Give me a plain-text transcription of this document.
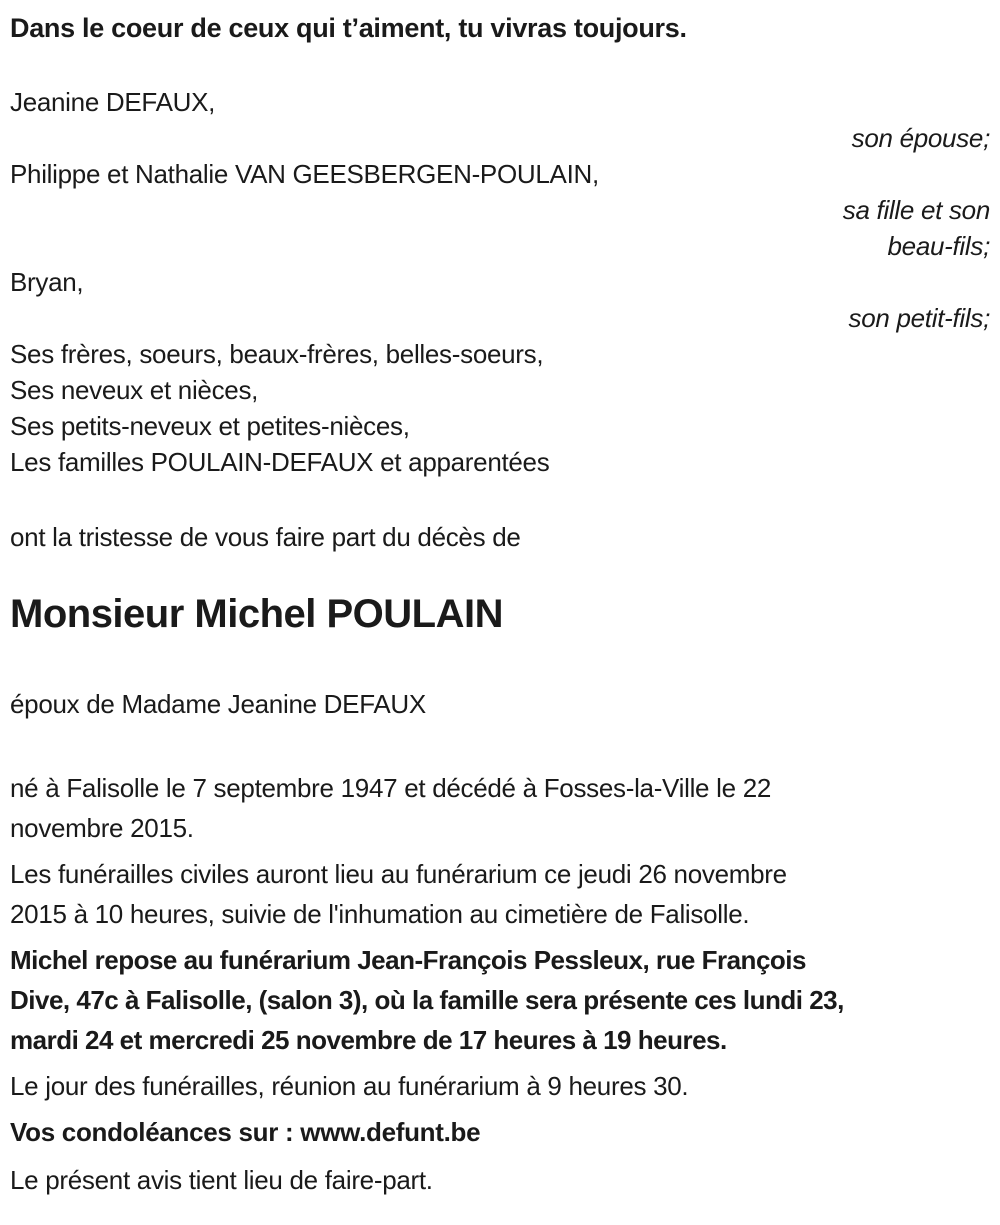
Dans le coeur de ceux qui t’aiment, tu vivras toujours.
Jeanine DEFAUX,
son épouse;
Philippe et Nathalie VAN GEESBERGEN-POULAIN,
sa fille et son
beau-fils;
Bryan,
son petit-fils;
Ses frères, soeurs, beaux-frères, belles-soeurs,
Ses neveux et nièces,
Ses petits-neveux et petites-nièces,
Les familles POULAIN-DEFAUX et apparentées
ont la tristesse de vous faire part du décès de
Monsieur Michel POULAIN
époux de Madame Jeanine DEFAUX
né à Falisolle le 7 septembre 1947 et décédé à Fosses-la-Ville le 22
novembre 2015.
Les funérailles civiles auront lieu au funérarium ce jeudi 26 novembre
2015 à 10 heures, suivie de l'inhumation au cimetière de Falisolle.
Michel repose au funérarium Jean-François Pessleux, rue François
Dive, 47c à Falisolle, (salon 3), où la famille sera présente ces lundi 23,
mardi 24 et mercredi 25 novembre de 17 heures à 19 heures.
Le jour des funérailles, réunion au funérarium à 9 heures 30.
Vos condoléances sur : www.defunt.be
Le présent avis tient lieu de faire-part.
